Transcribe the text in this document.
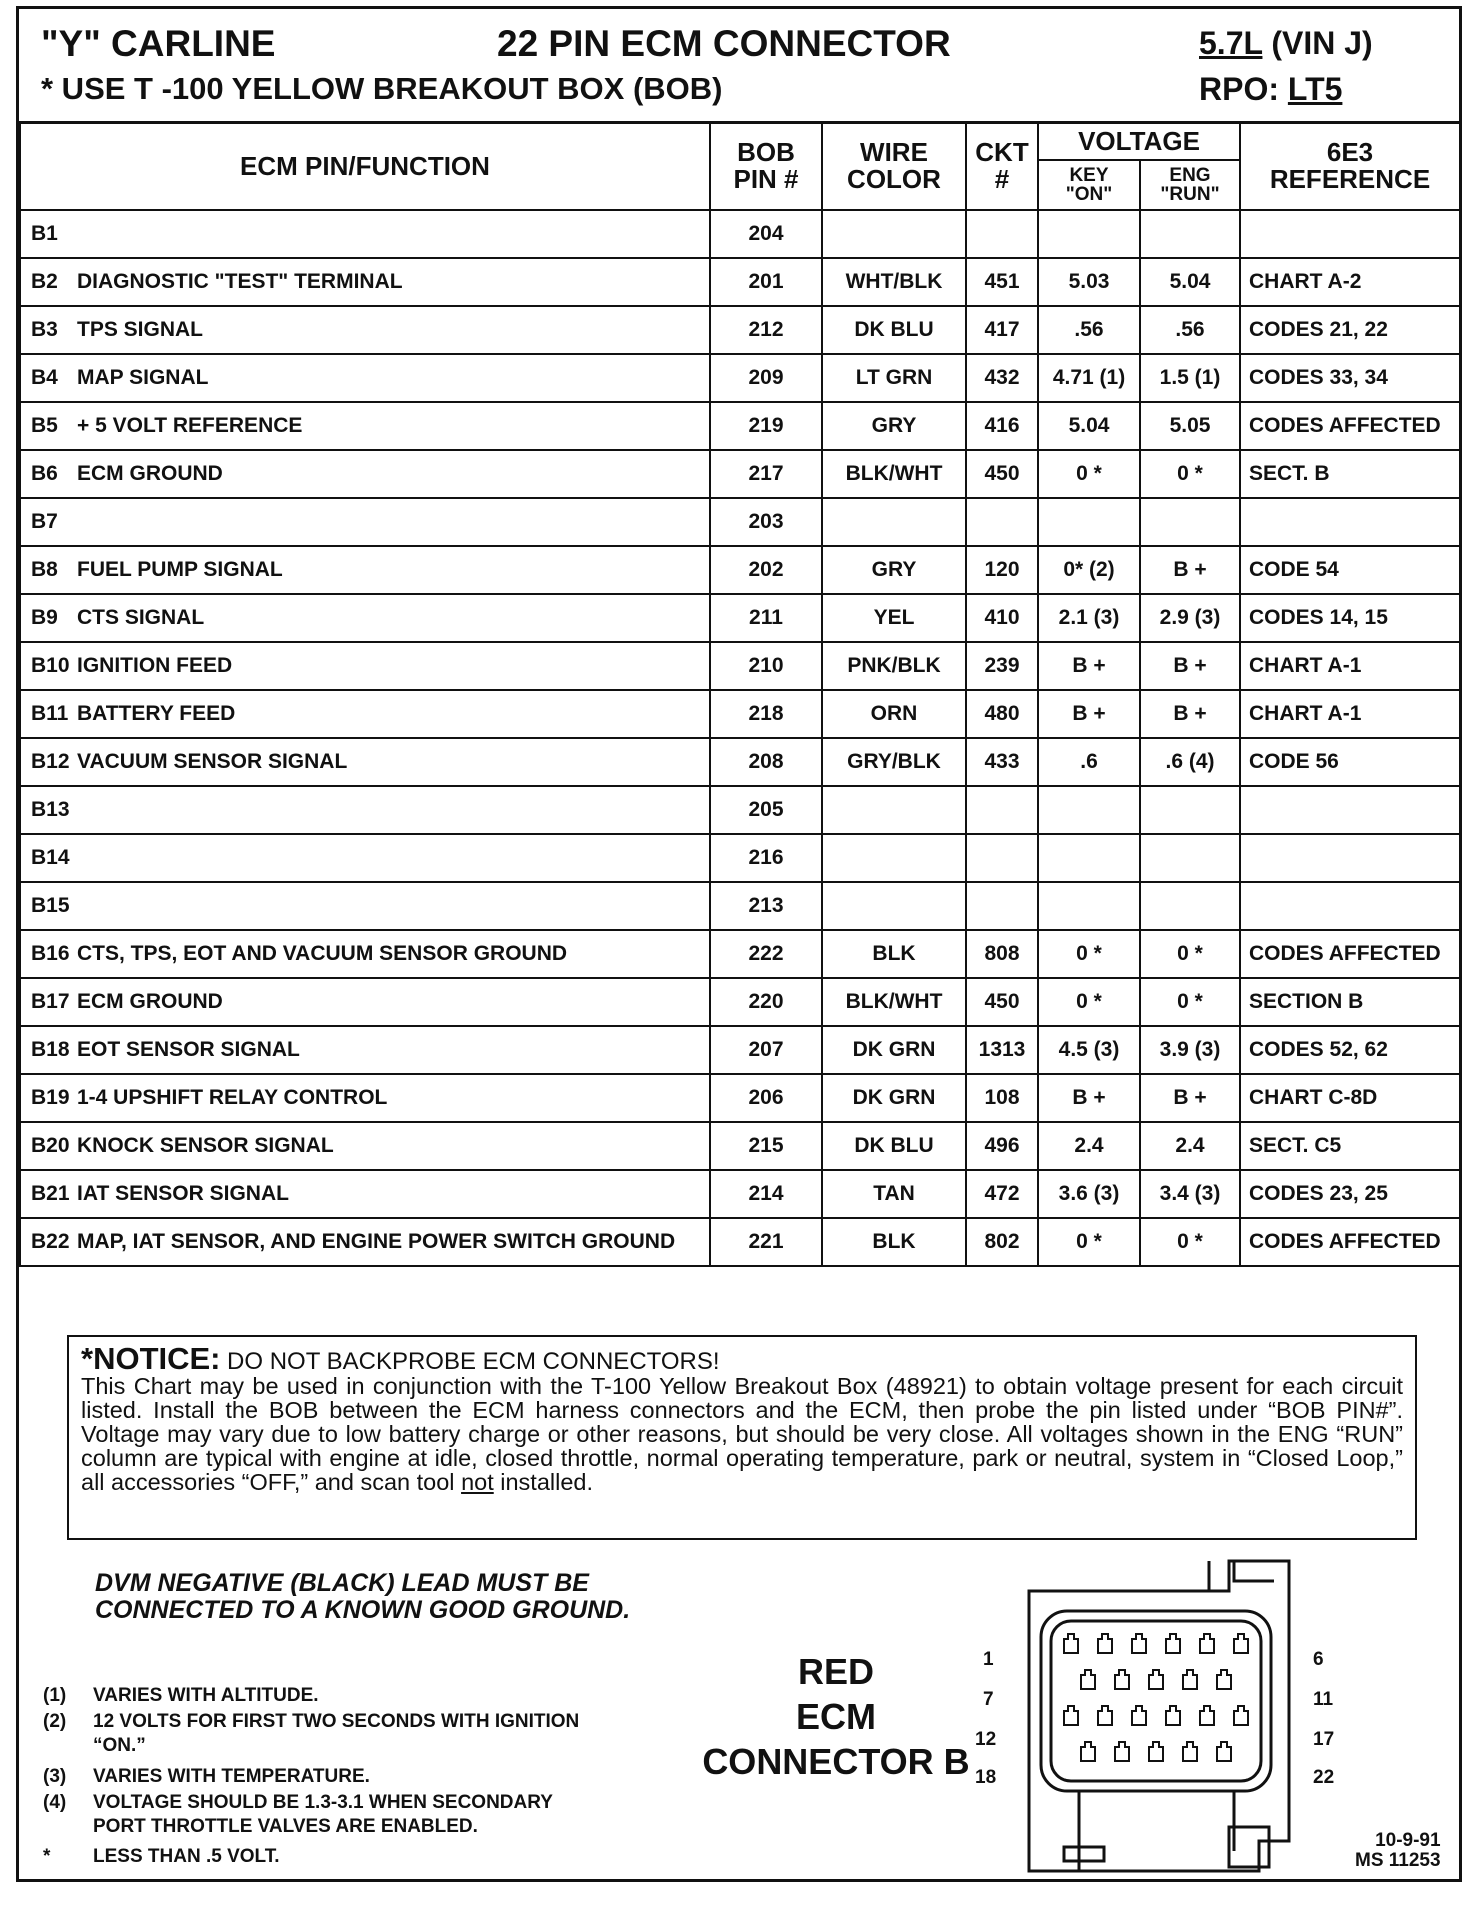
"Y" CARLINE	22 PIN ECM CONNECTOR	5.7L (VIN J)
* USE T -100 YELLOW BREAKOUT BOX (BOB)	RPO: LT5
ECM PIN/FUNCTION	BOB PIN #	WIRE COLOR	CKT #	VOLTAGE		6E3 REFERENCE
				KEY "ON"	ENG "RUN"	
B1	204					
B2 DIAGNOSTIC "TEST" TERMINAL	201	WHT/BLK	451	5.03	5.04	CHART A-2
B3 TPS SIGNAL	212	DK BLU	417	.56	.56	CODES 21, 22
B4 MAP SIGNAL	209	LT GRN	432	4.71 (1)	1.5 (1)	CODES 33, 34
B5 + 5 VOLT REFERENCE	219	GRY	416	5.04	5.05	CODES AFFECTED
B6 ECM GROUND	217	BLK/WHT	450	0 *	0 *	SECT. B
B7	203					
B8 FUEL PUMP SIGNAL	202	GRY	120	0* (2)	B +	CODE 54
B9 CTS SIGNAL	211	YEL	410	2.1 (3)	2.9 (3)	CODES 14, 15
B10 IGNITION FEED	210	PNK/BLK	239	B +	B +	CHART A-1
B11 BATTERY FEED	218	ORN	480	B +	B +	CHART A-1
B12 VACUUM SENSOR SIGNAL	208	GRY/BLK	433	.6	.6 (4)	CODE 56
B13	205					
B14	216					
B15	213					
B16 CTS, TPS, EOT AND VACUUM SENSOR GROUND	222	BLK	808	0 *	0 *	CODES AFFECTED
B17 ECM GROUND	220	BLK/WHT	450	0 *	0 *	SECTION B
B18 EOT SENSOR SIGNAL	207	DK GRN	1313	4.5 (3)	3.9 (3)	CODES 52, 62
B19 1-4 UPSHIFT RELAY CONTROL	206	DK GRN	108	B +	B +	CHART C-8D
B20 KNOCK SENSOR SIGNAL	215	DK BLU	496	2.4	2.4	SECT. C5
B21 IAT SENSOR SIGNAL	214	TAN	472	3.6 (3)	3.4 (3)	CODES 23, 25
B22 MAP, IAT SENSOR, AND ENGINE POWER SWITCH GROUND	221	BLK	802	0 *	0 *	CODES AFFECTED
*NOTICE: DO NOT BACKPROBE ECM CONNECTORS!
This Chart may be used in conjunction with the T-100 Yellow Breakout Box (48921) to obtain voltage present for each circuit listed. Install the BOB between the ECM harness connectors and the ECM, then probe the pin listed under “BOB PIN#”. Voltage may vary due to low battery charge or other reasons, but should be very close. All voltages shown in the ENG “RUN” column are typical with engine at idle, closed throttle, normal operating temperature, park or neutral, system in “Closed Loop,” all accessories “OFF,” and scan tool not installed.
DVM NEGATIVE (BLACK) LEAD MUST BE
CONNECTED TO A KNOWN GOOD GROUND.
(1) VARIES WITH ALTITUDE.
(2) 12 VOLTS FOR FIRST TWO SECONDS WITH IGNITION
“ON.”
(3) VARIES WITH TEMPERATURE.
(4) VOLTAGE SHOULD BE 1.3-3.1 WHEN SECONDARY
PORT THROTTLE VALVES ARE ENABLED.
* LESS THAN .5 VOLT.
RED
ECM
CONNECTOR B
1
7
12
18
6
11
17
22
10-9-91
MS 11253
